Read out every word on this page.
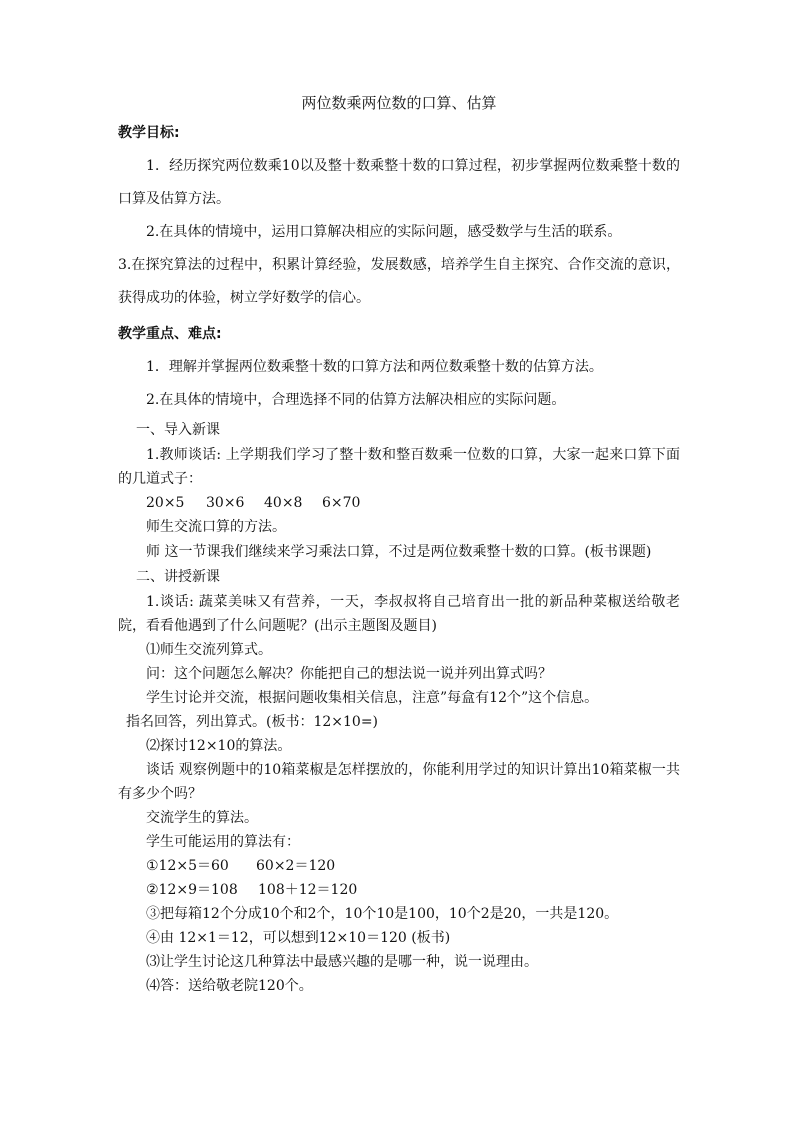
两位数乘两位数的口算、估算

教学目标:

1．经历探究两位数乘10以及整十数乘整十数的口算过程，初步掌握两位数乘整十数的口算及估算方法。

2.在具体的情境中，运用口算解决相应的实际问题，感受数学与生活的联系。

3.在探究算法的过程中，积累计算经验，发展数感，培养学生自主探究、合作交流的意识，获得成功的体验，树立学好数学的信心。

教学重点、难点:

1．理解并掌握两位数乘整十数的口算方法和两位数乘整十数的估算方法。

2.在具体的情境中，合理选择不同的估算方法解决相应的实际问题。

一、导入新课

1.教师谈话: 上学期我们学习了整十数和整百数乘一位数的口算，大家一起来口算下面的几道式子：

20×5	30×6	40×8	6×70

师生交流口算的方法。

师 这一节课我们继续来学习乘法口算，不过是两位数乘整十数的口算。(板书课题)

二、讲授新课

1.谈话: 蔬菜美味又有营养，一天，李叔叔将自己培育出一批的新品种菜椒送给敬老院，看看他遇到了什么问题呢？(出示主题图及题目)

⑴师生交流列算式。

问：这个问题怎么解决？你能把自己的想法说一说并列出算式吗？

学生讨论并交流，根据问题收集相关信息，注意”每盒有12个”这个信息。

指名回答，列出算式。(板书：12×10=)

⑵探讨12×10的算法。

谈话 观察例题中的10箱菜椒是怎样摆放的，你能利用学过的知识计算出10箱菜椒一共有多少个吗？

交流学生的算法。

学生可能运用的算法有：

①12×5＝60	60×2＝120
②12×9＝108	108＋12＝120

③把每箱12个分成10个和2个，10个10是100，10个2是20，一共是120。

④由 12×1＝12，可以想到12×10＝120 (板书)

⑶让学生讨论这几种算法中最感兴趣的是哪一种，说一说理由。

⑷答：送给敬老院120个。
